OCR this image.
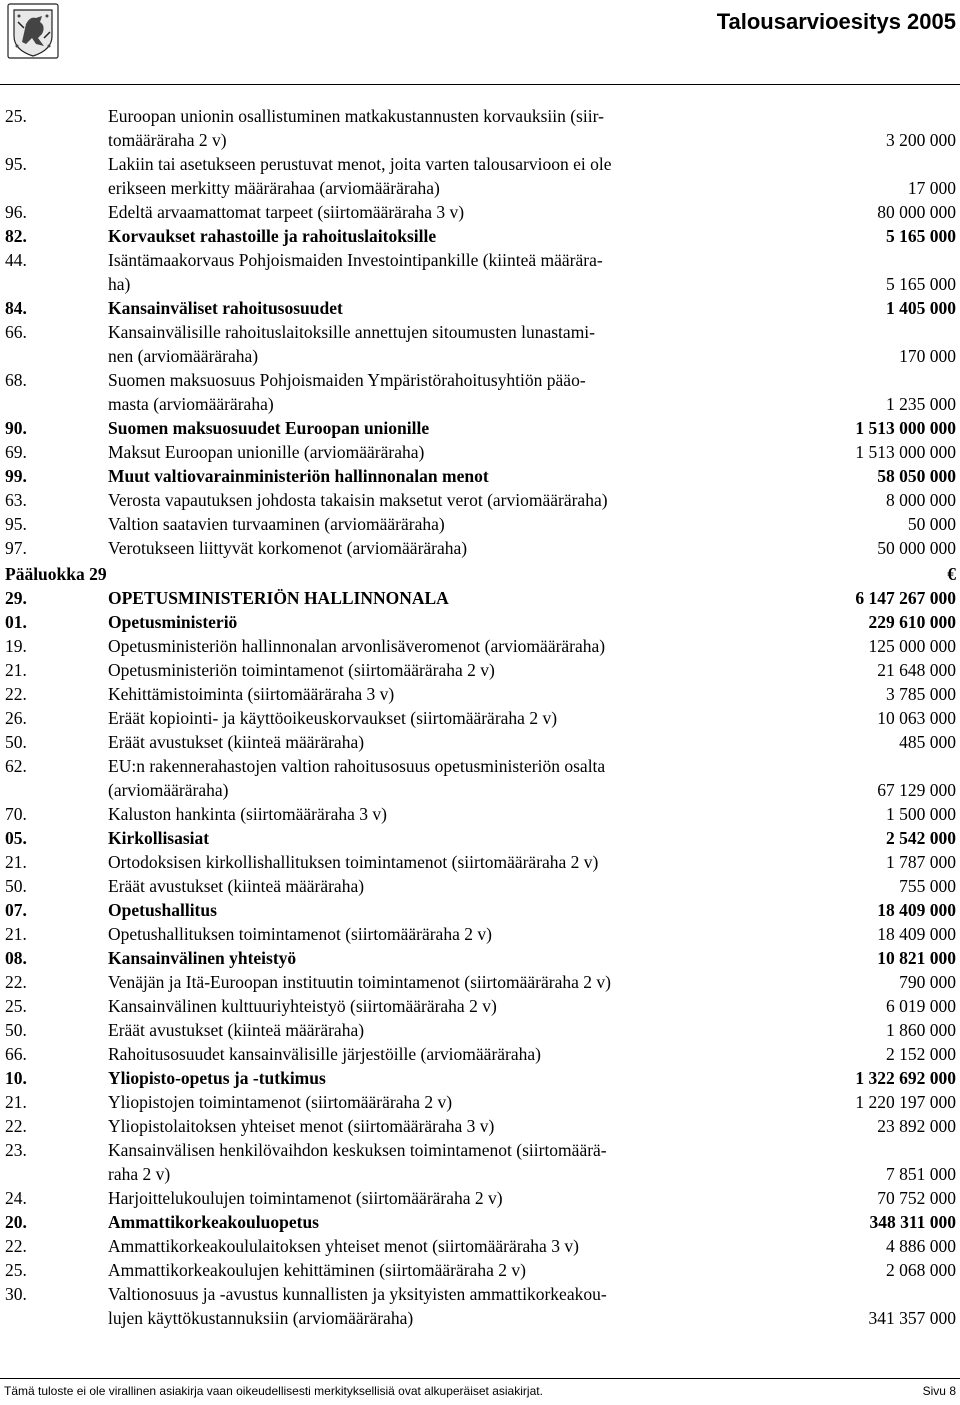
Talousarvioesitys 2005
25.	Euroopan unionin osallistuminen matkakustannusten korvauksiin (siir-
tomääräraha 2 v)	3 200 000
95.	Lakiin tai asetukseen perustuvat menot, joita varten talousarvioon ei ole
erikseen merkitty määrärahaa (arviomääräraha)	17 000
96.	Edeltä arvaamattomat tarpeet (siirtomääräraha 3 v)	80 000 000
82.	Korvaukset rahastoille ja rahoituslaitoksille	5 165 000
44.	Isäntämaakorvaus Pohjoismaiden Investointipankille (kiinteä määrära-
ha)	5 165 000
84.	Kansainväliset rahoitusosuudet	1 405 000
66.	Kansainvälisille rahoituslaitoksille annettujen sitoumusten lunastami-
nen (arviomääräraha)	170 000
68.	Suomen maksuosuus Pohjoismaiden Ympäristörahoitusyhtiön pääo-
masta (arviomääräraha)	1 235 000
90.	Suomen maksuosuudet Euroopan unionille	1 513 000 000
69.	Maksut Euroopan unionille (arviomääräraha)	1 513 000 000
99.	Muut valtiovarainministeriön hallinnonalan menot	58 050 000
63.	Verosta vapautuksen johdosta takaisin maksetut verot (arviomääräraha)	8 000 000
95.	Valtion saatavien turvaaminen (arviomääräraha)	50 000
97.	Verotukseen liittyvät korkomenot (arviomääräraha)	50 000 000
Pääluokka 29	€
29.	OPETUSMINISTERIÖN HALLINNONALA	6 147 267 000
01.	Opetusministeriö	229 610 000
19.	Opetusministeriön hallinnonalan arvonlisäveromenot (arviomääräraha)	125 000 000
21.	Opetusministeriön toimintamenot (siirtomääräraha 2 v)	21 648 000
22.	Kehittämistoiminta (siirtomääräraha 3 v)	3 785 000
26.	Eräät kopiointi- ja käyttöoikeuskorvaukset (siirtomääräraha 2 v)	10 063 000
50.	Eräät avustukset (kiinteä määräraha)	485 000
62.	EU:n rakennerahastojen valtion rahoitusosuus opetusministeriön osalta
(arviomääräraha)	67 129 000
70.	Kaluston hankinta (siirtomääräraha 3 v)	1 500 000
05.	Kirkollisasiat	2 542 000
21.	Ortodoksisen kirkollishallituksen toimintamenot (siirtomääräraha 2 v)	1 787 000
50.	Eräät avustukset (kiinteä määräraha)	755 000
07.	Opetushallitus	18 409 000
21.	Opetushallituksen toimintamenot (siirtomääräraha 2 v)	18 409 000
08.	Kansainvälinen yhteistyö	10 821 000
22.	Venäjän ja Itä-Euroopan instituutin toimintamenot (siirtomääräraha 2 v)	790 000
25.	Kansainvälinen kulttuuriyhteistyö (siirtomääräraha 2 v)	6 019 000
50.	Eräät avustukset (kiinteä määräraha)	1 860 000
66.	Rahoitusosuudet kansainvälisille järjestöille (arviomääräraha)	2 152 000
10.	Yliopisto-opetus ja -tutkimus	1 322 692 000
21.	Yliopistojen toimintamenot (siirtomääräraha 2 v)	1 220 197 000
22.	Yliopistolaitoksen yhteiset menot (siirtomääräraha 3 v)	23 892 000
23.	Kansainvälisen henkilövaihdon keskuksen toimintamenot (siirtomäärä-
raha 2 v)	7 851 000
24.	Harjoittelukoulujen toimintamenot (siirtomääräraha 2 v)	70 752 000
20.	Ammattikorkeakouluopetus	348 311 000
22.	Ammattikorkeakoululaitoksen yhteiset menot (siirtomääräraha 3 v)	4 886 000
25.	Ammattikorkeakoulujen kehittäminen (siirtomääräraha 2 v)	2 068 000
30.	Valtionosuus ja -avustus kunnallisten ja yksityisten ammattikorkeakou-
lujen käyttökustannuksiin (arviomääräraha)	341 357 000
Tämä tuloste ei ole virallinen asiakirja vaan oikeudellisesti merkityksellisiä ovat alkuperäiset asiakirjat.	Sivu 8
